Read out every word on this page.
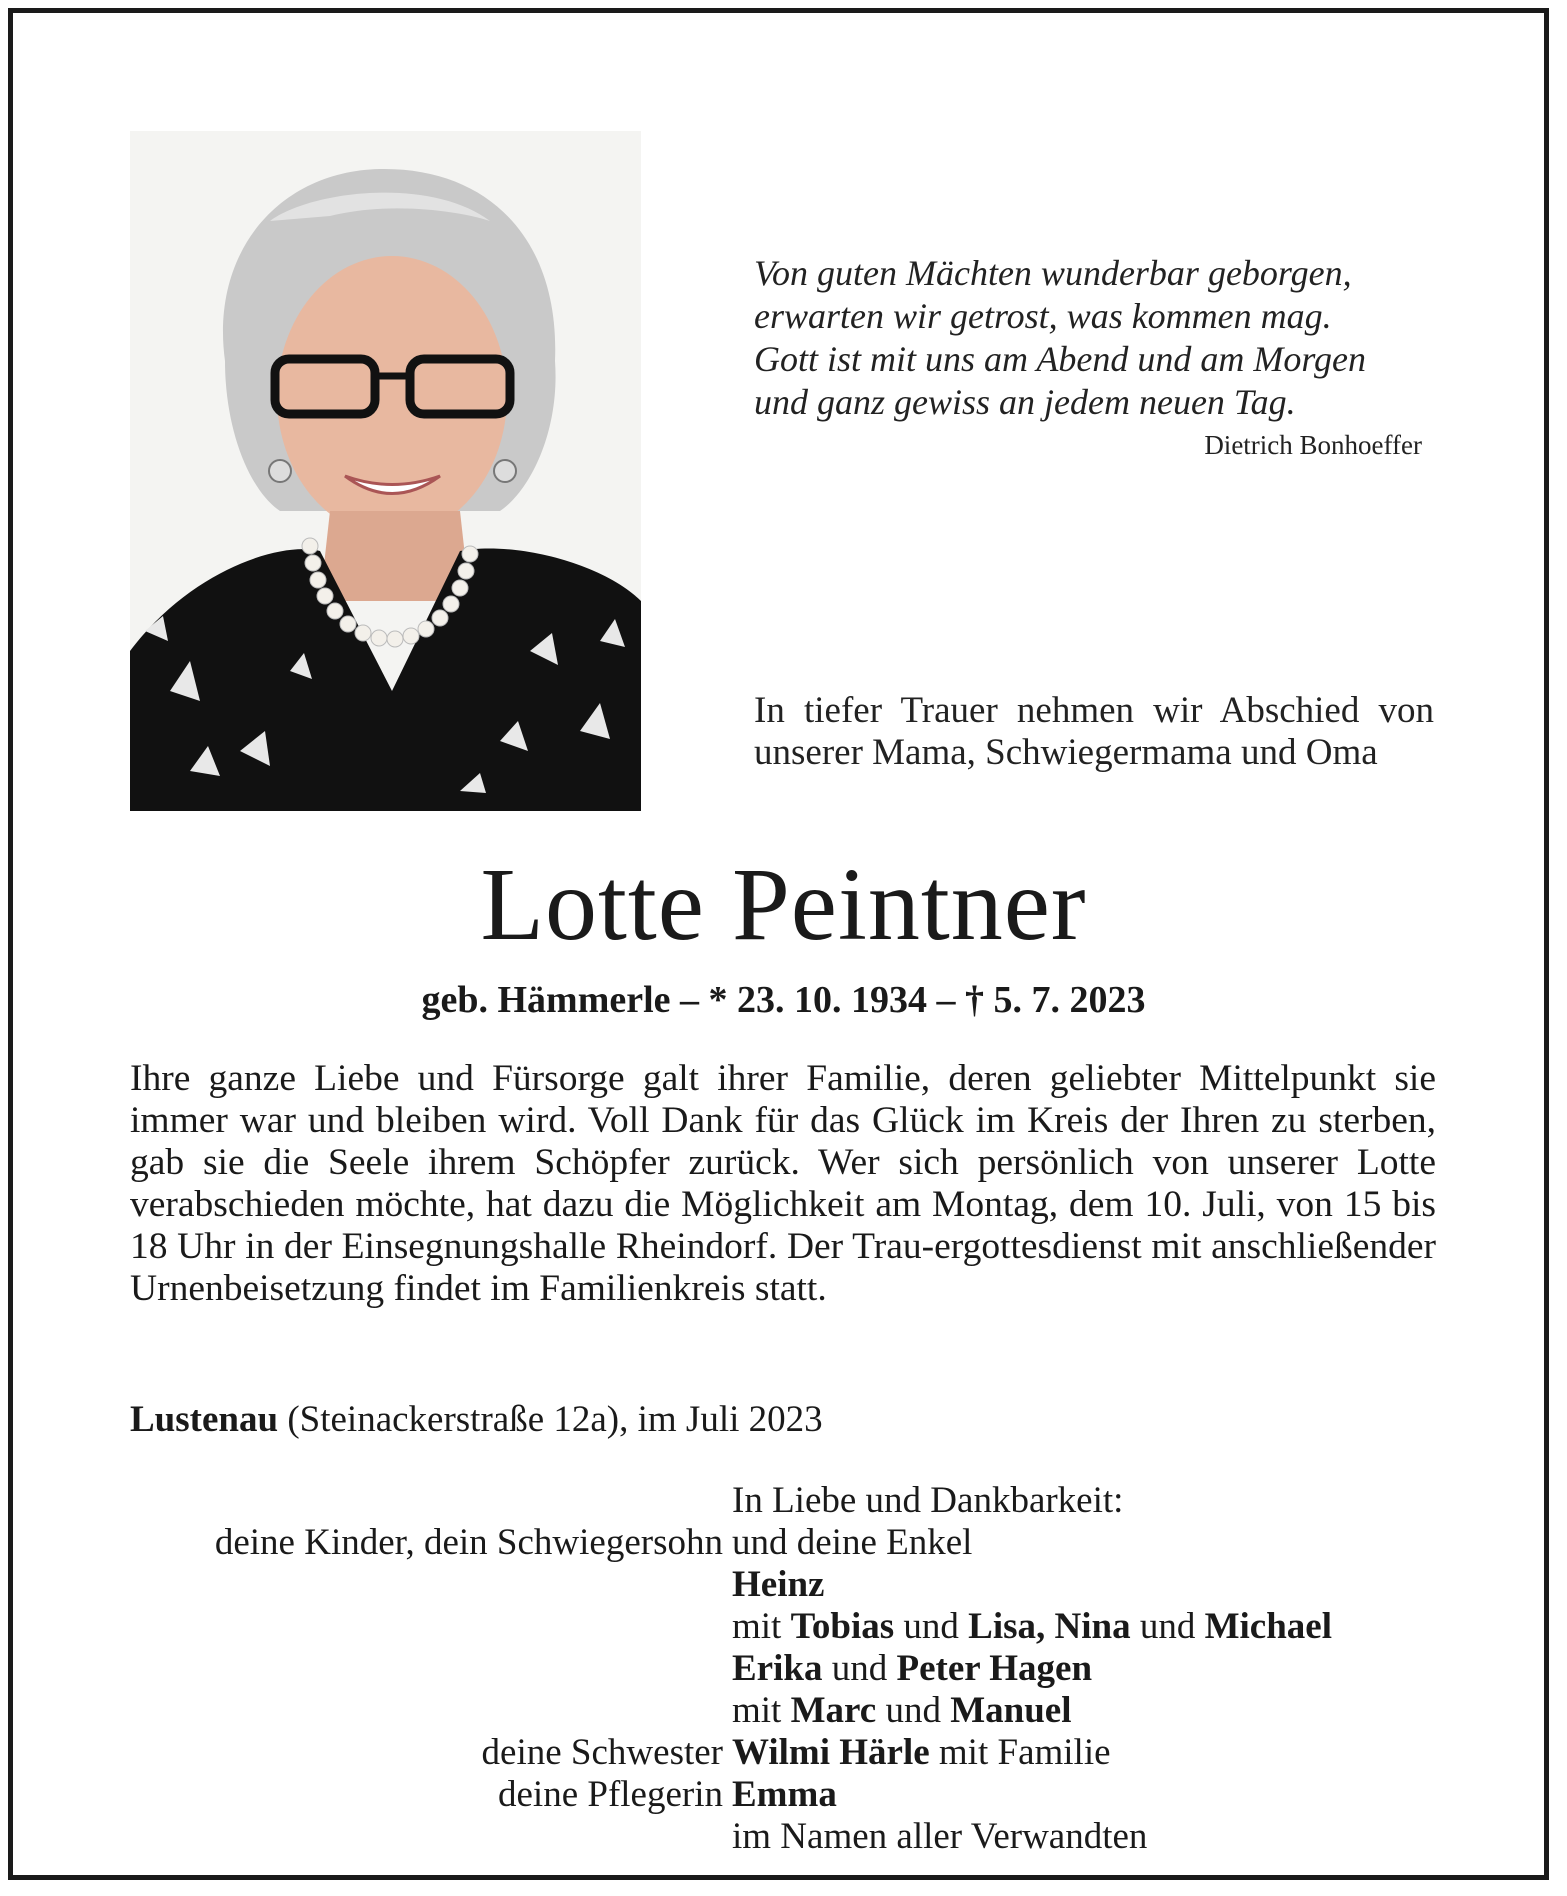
Von guten Mächten wunderbar geborgen,
erwarten wir getrost, was kommen mag.
Gott ist mit uns am Abend und am Morgen
und ganz gewiss an jedem neuen Tag.
Dietrich Bonhoeffer
In tiefer Trauer nehmen wir Abschied von unserer Mama, Schwiegermama und Oma
Lotte Peintner
geb. Hämmerle – * 23. 10. 1934 – † 5. 7. 2023
Ihre ganze Liebe und Fürsorge galt ihrer Familie, deren geliebter Mittelpunkt sie immer war und bleiben wird. Voll Dank für das Glück im Kreis der Ihren zu sterben, gab sie die Seele ihrem Schöpfer zurück. Wer sich persönlich von unserer Lotte verabschieden möchte, hat dazu die Möglichkeit am Montag, dem 10. Juli, von 15 bis 18 Uhr in der Einsegnungshalle Rheindorf. Der Trau-ergottesdienst mit anschließender Urnenbeisetzung findet im Familienkreis statt.
Lustenau (Steinackerstraße 12a), im Juli 2023
In Liebe und Dankbarkeit:
deine Kinder, dein Schwiegersohn und deine Enkel
Heinz
mit Tobias und Lisa, Nina und Michael
Erika und Peter Hagen
mit Marc und Manuel
deine Schwester Wilmi Härle mit Familie
deine Pflegerin Emma
im Namen aller Verwandten
